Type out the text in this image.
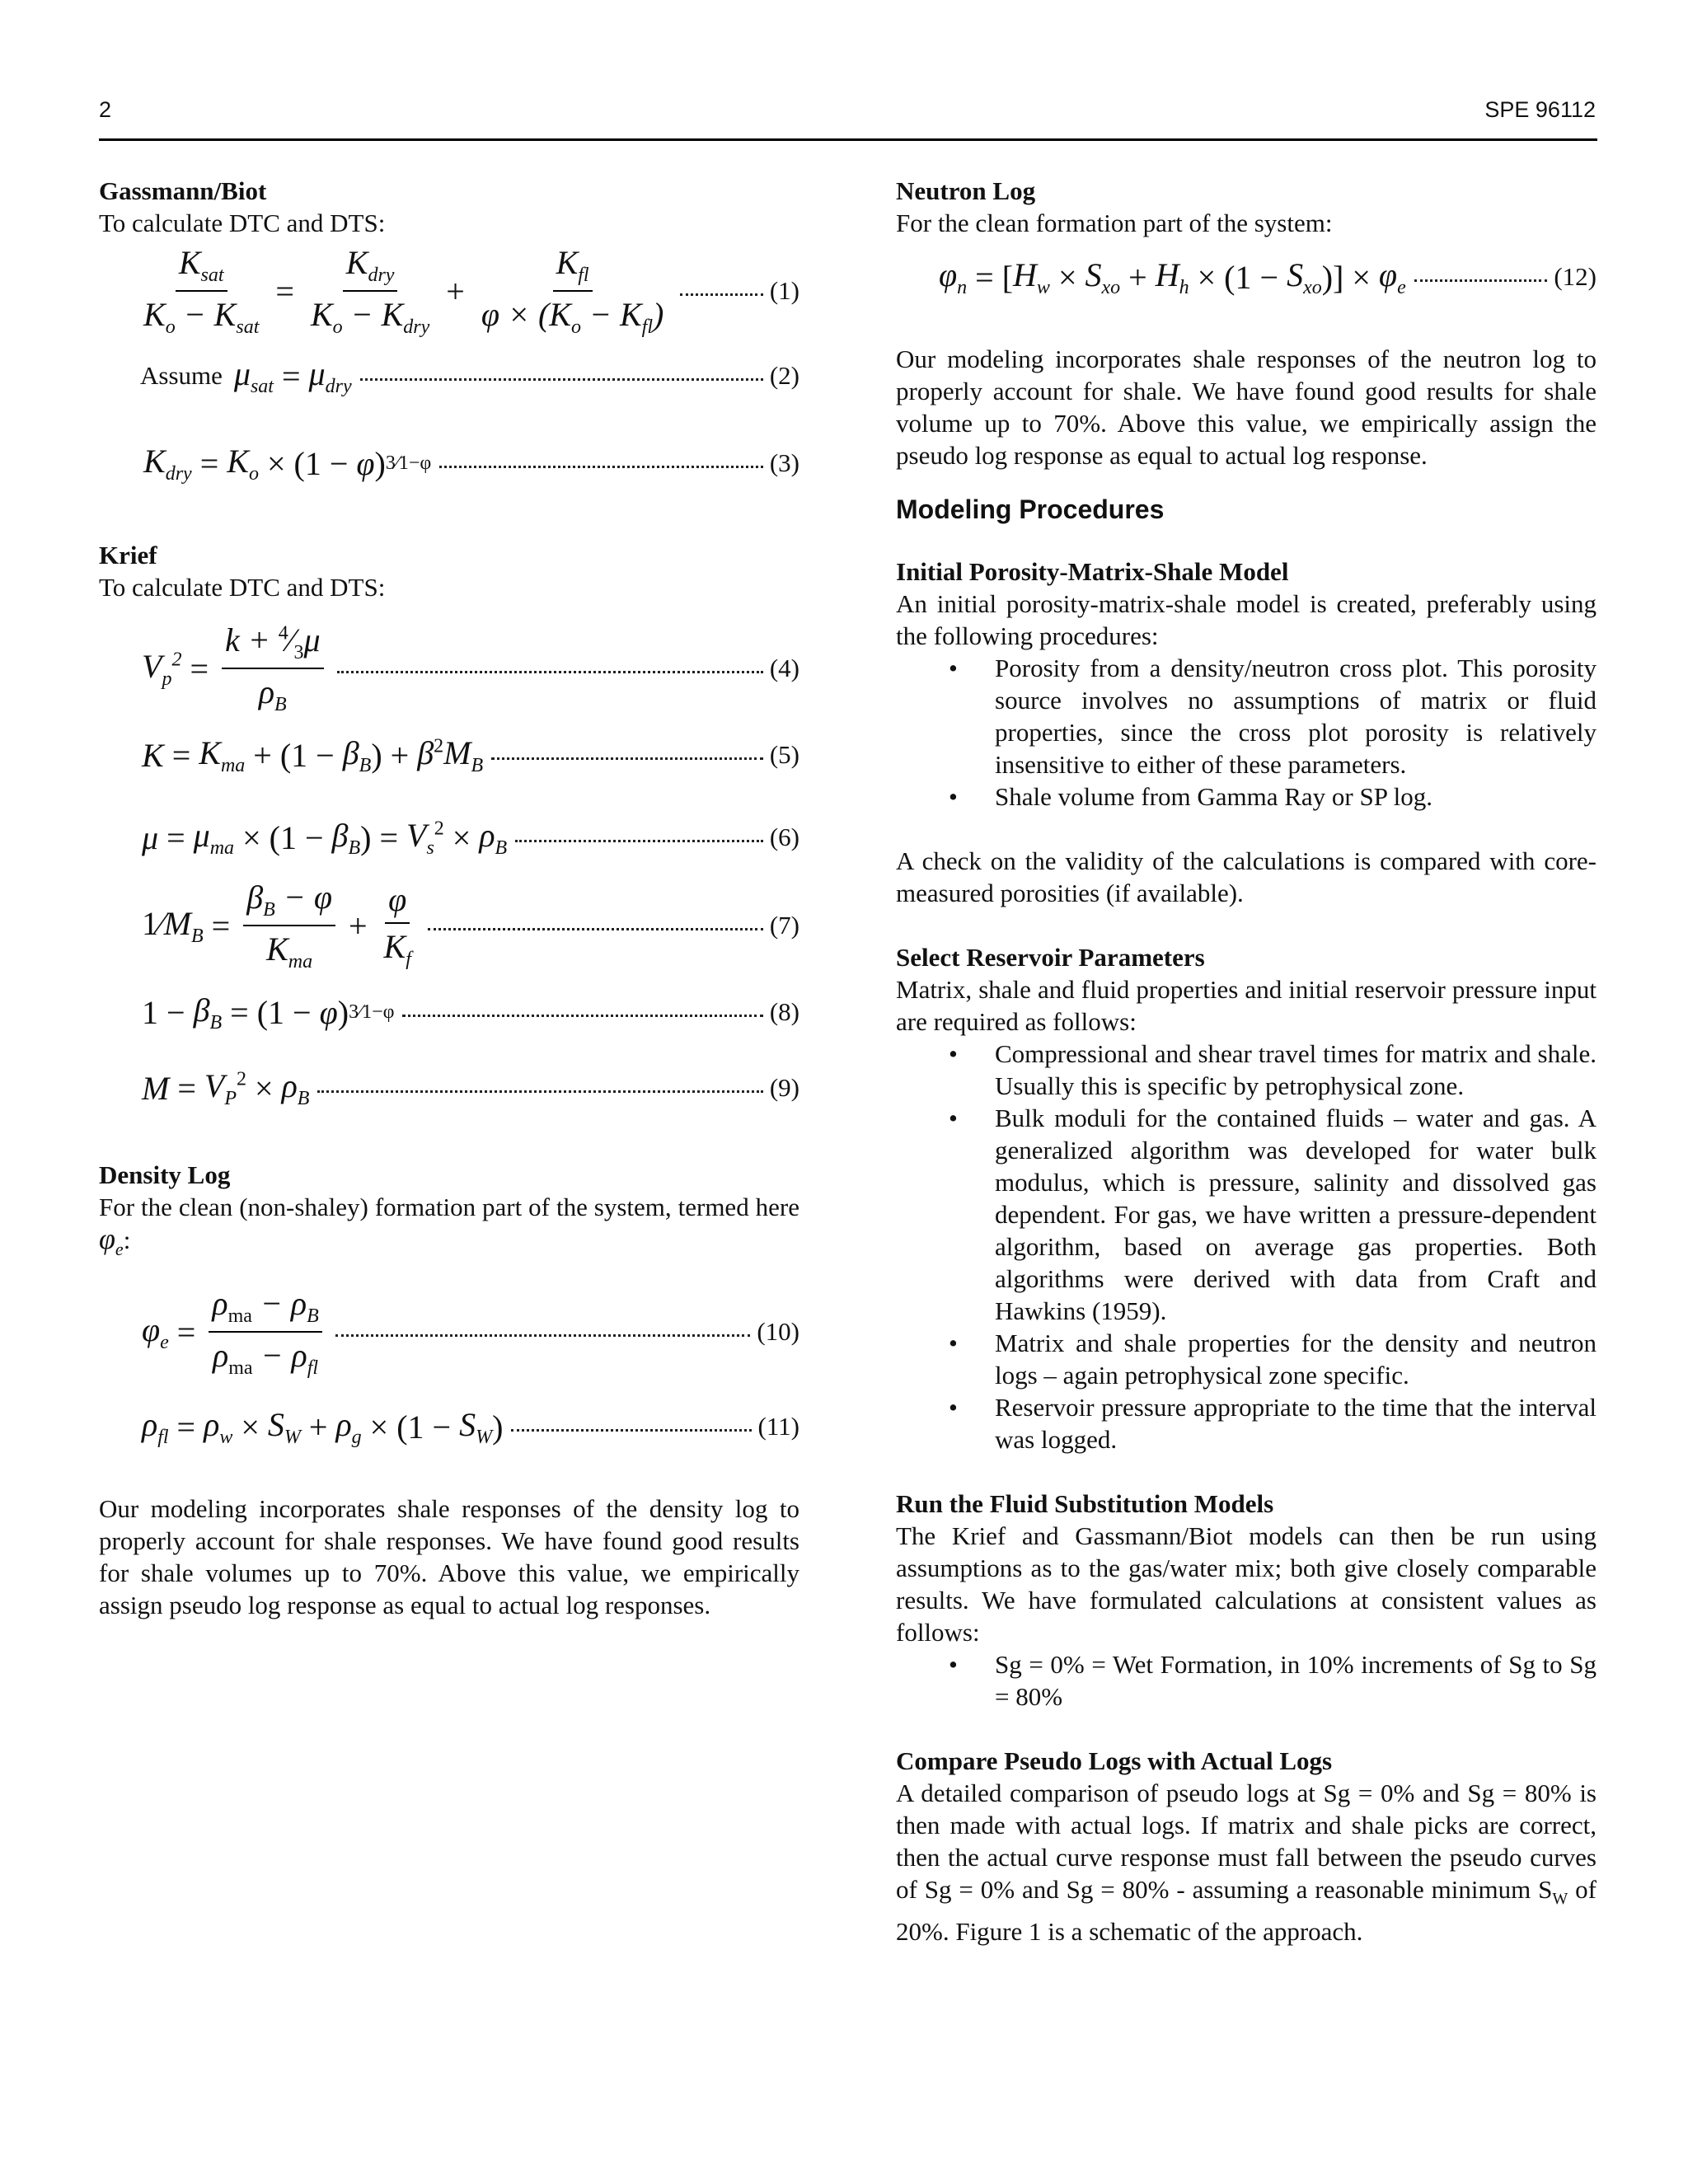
2	SPE 96112
Gassmann/Biot
To calculate DTC and DTS:
$\frac{K_{sat}}{K_o - K_{sat}} = \frac{K_{dry}}{K_o - K_{dry}} + \frac{K_{fl}}{\varphi \times (K_o - K_{fl})}$	(1)
Assume $\mu_{sat} = \mu_{dry}$	(2)
$K_{dry} = K_o \times (1$ −
φ ) 3⁄1−φ	(3)
Krief
To calculate DTC and DTS:
$V_p^2 = \frac{k + ^4⁄_3\mu}{\rho_B}$	(4)
$K = K_{ma} + (1$ −
$\beta_B$ ) + $\beta^2M_B$	(5)
$\mu = \mu_{ma} \times (1$ −
$\beta_B$ ) = $V_s^2 \times \rho_B$	(6)
$1⁄M_B = \frac{\beta_B - \varphi}{K_{ma}} + \frac{\varphi}{K_f}$	(7)
1 −
$\beta_B = (1$ −
φ ) 3⁄1−φ	(8)
$M = V_P^2 \times \rho_B$	(9)
Density Log
For the clean (non-shaley) formation part of the system, termed here $\varphi_e$:
$\varphi_e = \frac{\rho_{ma} - \rho_B}{\rho_{ma} - \rho_{fl}}$	(10)
$\rho_{fl} = \rho_w \times S_W + \rho_g \times (1$ −
$S_W$ )	(11)
Our modeling incorporates shale responses of the density log to properly account for shale responses. We have found good results for shale volumes up to 70%. Above this value, we empirically assign pseudo log response as equal to actual log responses.
Neutron Log
For the clean formation part of the system:
$\varphi_n$ = [ $H_w \times S_{xo} + H_h \times (1$ −
$S_{xo}$ )] × $\varphi_e$	(12)
Our modeling incorporates shale responses of the neutron log to properly account for shale. We have found good results for shale volume up to 70%. Above this value, we empirically assign the pseudo log response as equal to actual log response.
Modeling Procedures
Initial Porosity-Matrix-Shale Model
An initial porosity-matrix-shale model is created, preferably using the following procedures:
• Porosity from a density/neutron cross plot. This porosity source involves no assumptions of matrix or fluid properties, since the cross plot porosity is relatively insensitive to either of these parameters.
• Shale volume from Gamma Ray or SP log.
A check on the validity of the calculations is compared with core-measured porosities (if available).
Select Reservoir Parameters
Matrix, shale and fluid properties and initial reservoir pressure input are required as follows:
• Compressional and shear travel times for matrix and shale. Usually this is specific by petrophysical zone.
• Bulk moduli for the contained fluids – water and gas. A generalized algorithm was developed for water bulk modulus, which is pressure, salinity and dissolved gas dependent. For gas, we have written a pressure-dependent algorithm, based on average gas properties. Both algorithms were derived with data from Craft and Hawkins (1959).
• Matrix and shale properties for the density and neutron logs – again petrophysical zone specific.
• Reservoir pressure appropriate to the time that the interval was logged.
Run the Fluid Substitution Models
The Krief and Gassmann/Biot models can then be run using assumptions as to the gas/water mix; both give closely comparable results. We have formulated calculations at consistent values as follows:
• Sg = 0% = Wet Formation, in 10% increments of Sg to Sg = 80%
Compare Pseudo Logs with Actual Logs
A detailed comparison of pseudo logs at Sg = 0% and Sg = 80% is then made with actual logs. If matrix and shale picks are correct, then the actual curve response must fall between the pseudo curves of Sg = 0% and Sg = 80% - assuming a reasonable minimum $S_W$ of 20%. Figure 1 is a schematic of the approach.
